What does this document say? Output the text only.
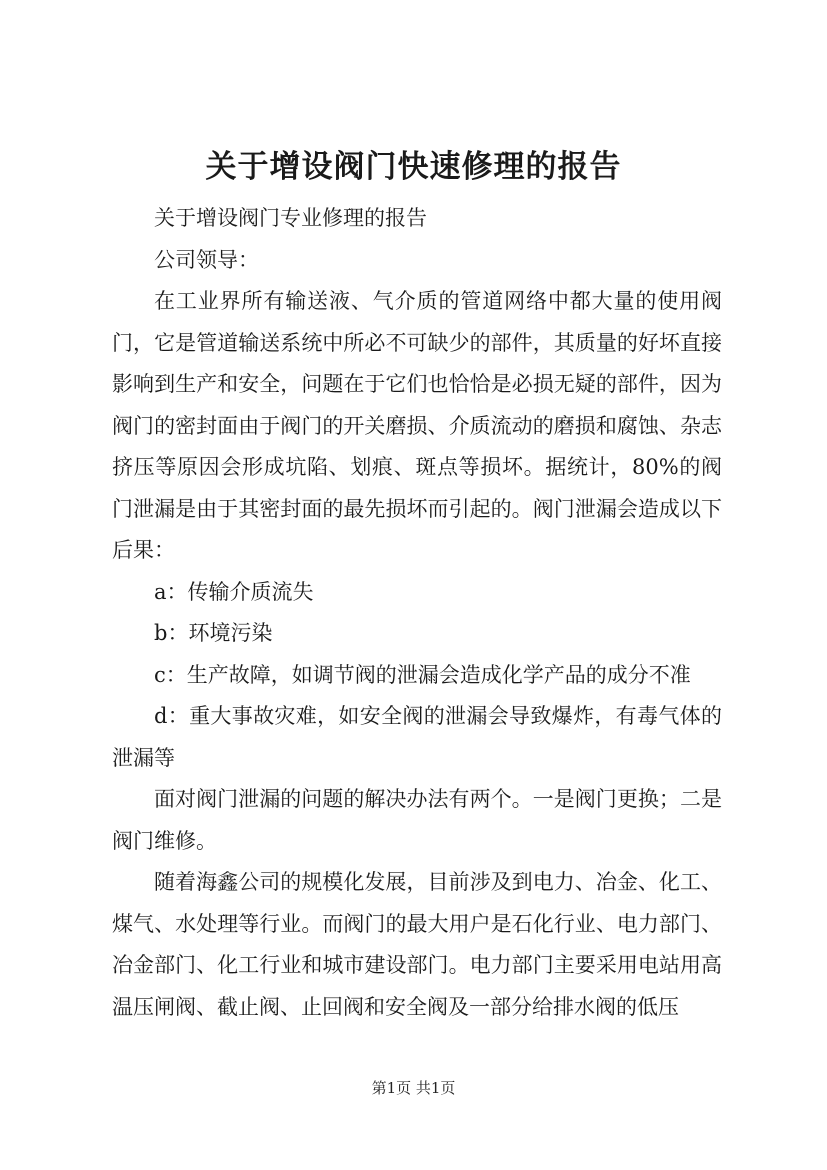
关于增设阀门快速修理的报告

关于增设阀门专业修理的报告

公司领导：

在工业界所有输送液、气介质的管道网络中都大量的使用阀门，它是管道输送系统中所必不可缺少的部件，其质量的好坏直接影响到生产和安全，问题在于它们也恰恰是必损无疑的部件，因为阀门的密封面由于阀门的开关磨损、介质流动的磨损和腐蚀、杂志挤压等原因会形成坑陷、划痕、斑点等损坏。据统计，80%的阀门泄漏是由于其密封面的最先损坏而引起的。阀门泄漏会造成以下后果：

a：传输介质流失

b：环境污染

c：生产故障，如调节阀的泄漏会造成化学产品的成分不准

d：重大事故灾难，如安全阀的泄漏会导致爆炸，有毒气体的泄漏等

面对阀门泄漏的问题的解决办法有两个。一是阀门更换；二是阀门维修。

随着海鑫公司的规模化发展，目前涉及到电力、冶金、化工、煤气、水处理等行业。而阀门的最大用户是石化行业、电力部门、冶金部门、化工行业和城市建设部门。电力部门主要采用电站用高温压闸阀、截止阀、止回阀和安全阀及一部分给排水阀的低压

第1页 共1页
